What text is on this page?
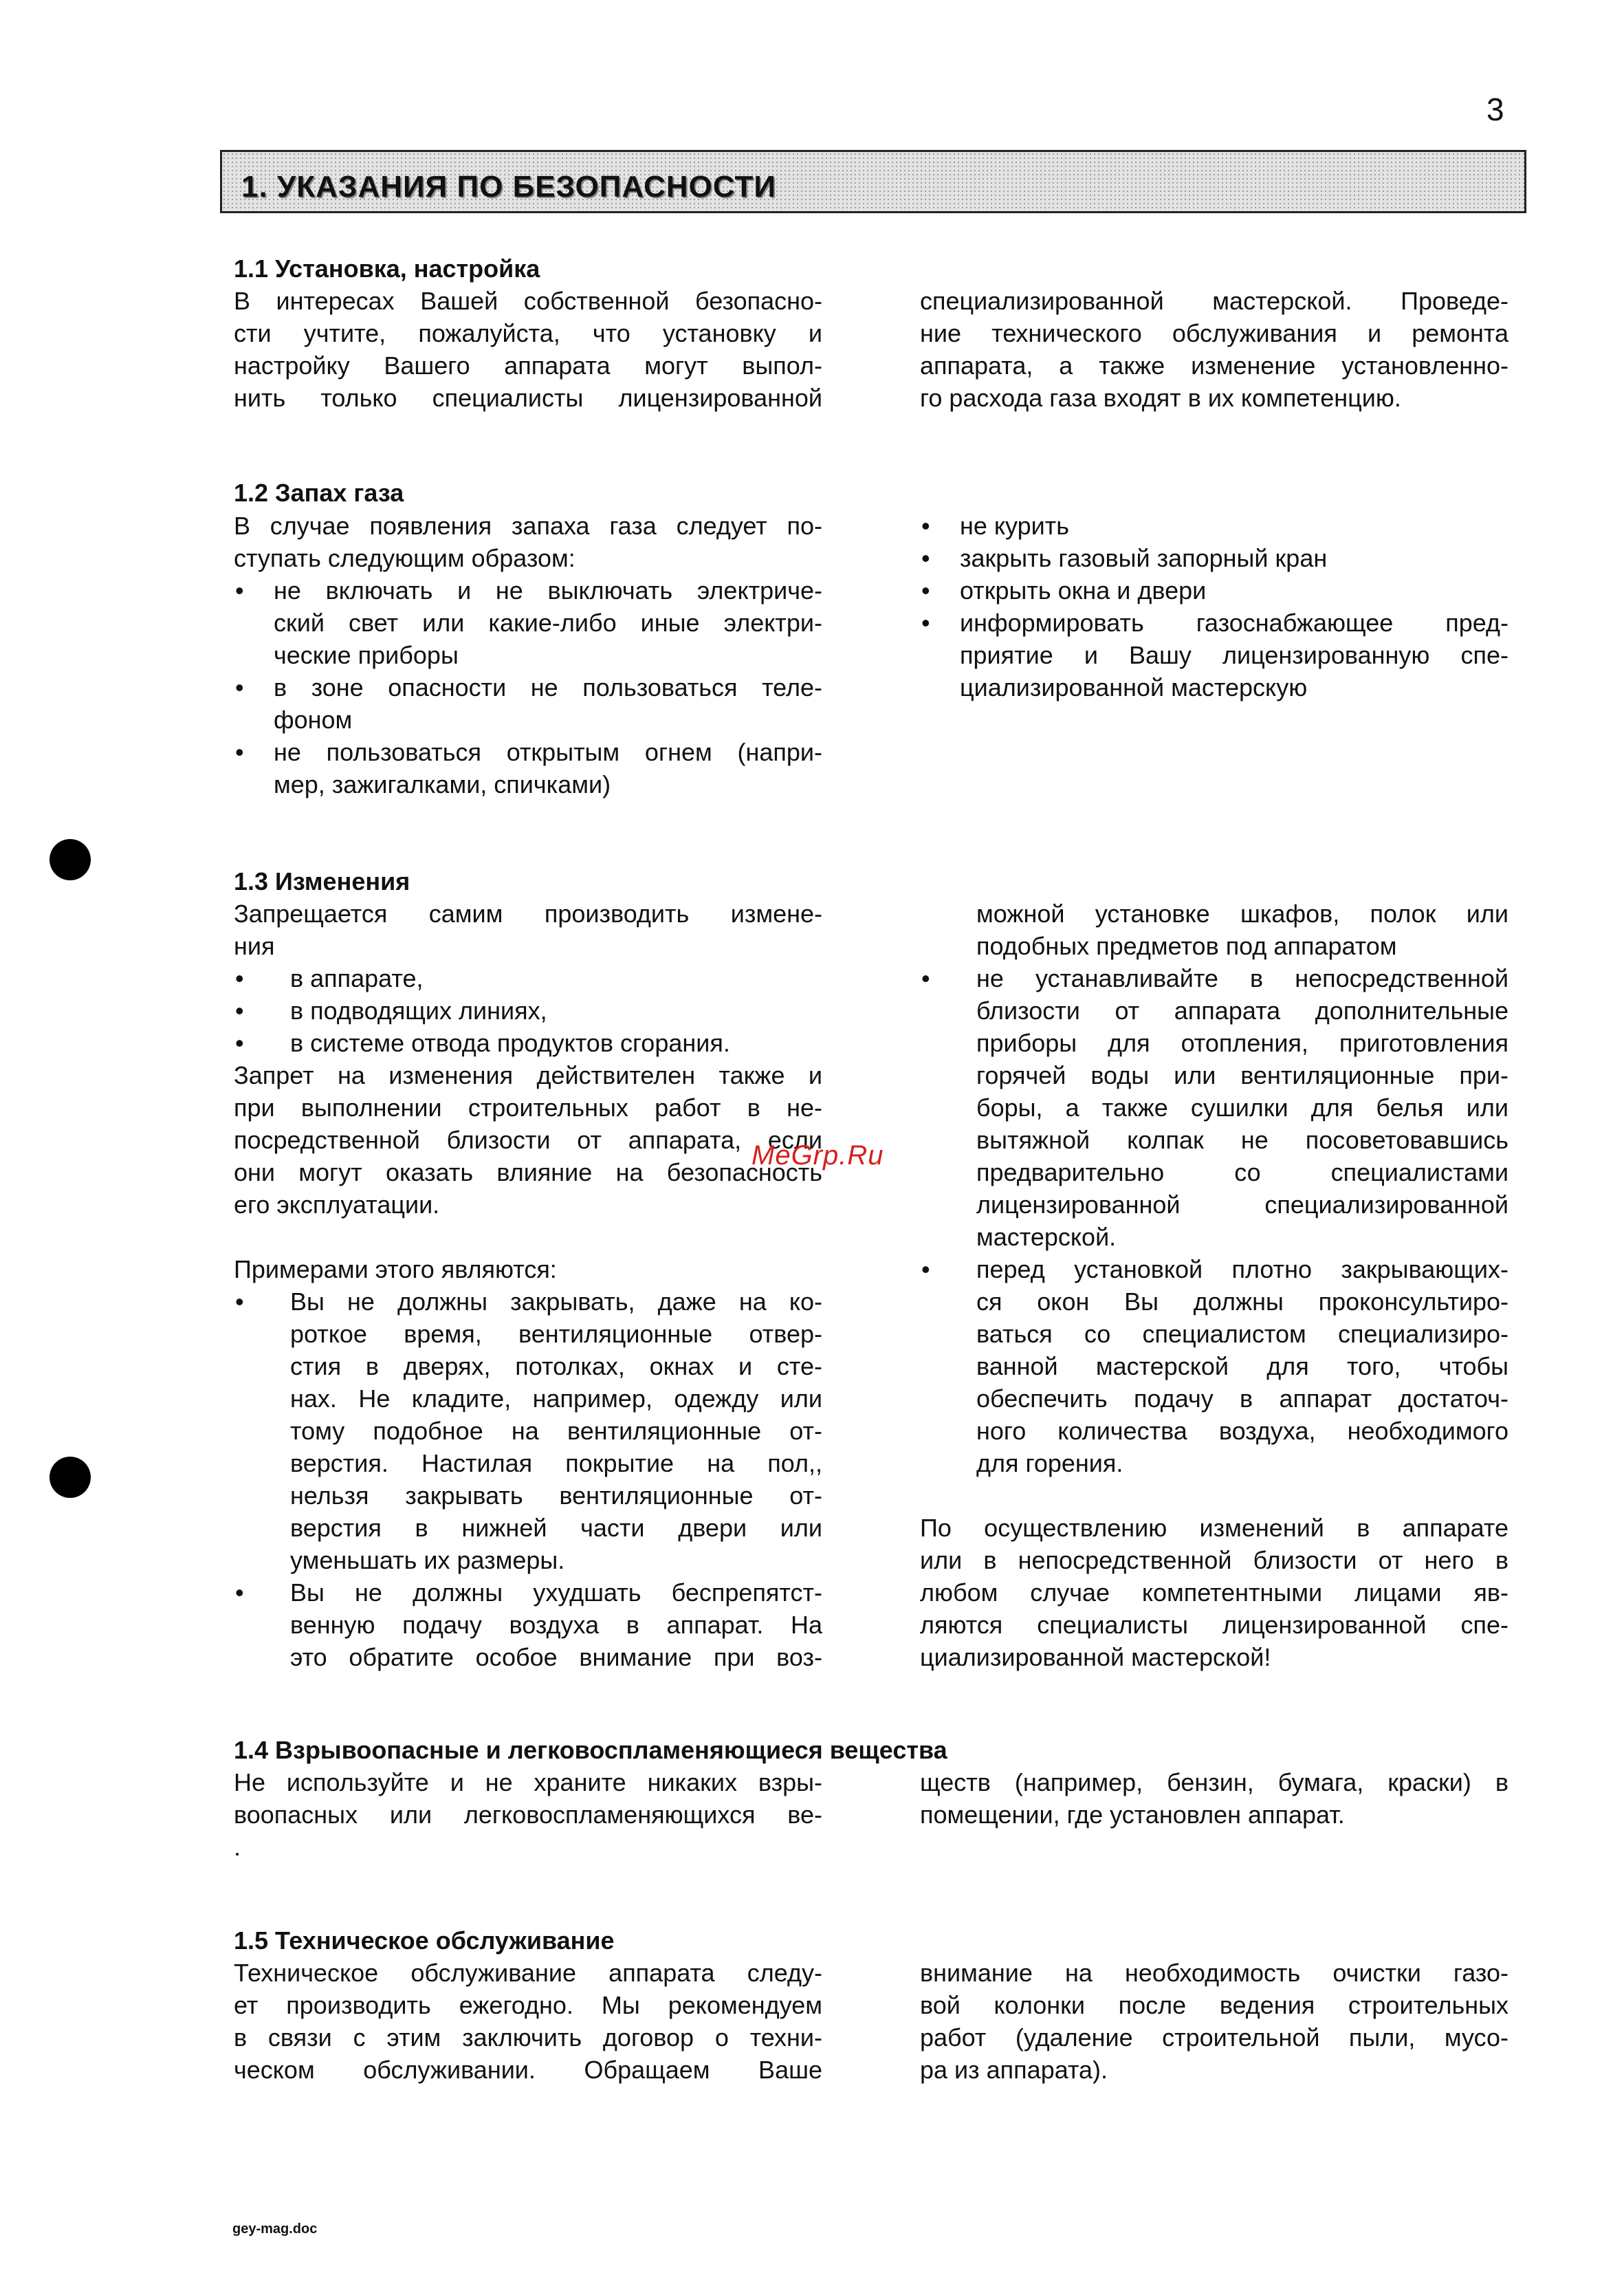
3
1. УКАЗАНИЯ ПО БЕЗОПАСНОСТИ
1.1 Установка, настройка

В интересах Вашей собственной безопасно-

сти учтите, пожалуйста, что установку и

настройку Вашего аппарата могут выпол-

нить только специалисты лицензированной

специализированной мастерской. Проведе-

ние технического обслуживания и ремонта

аппарата, а также изменение установленно-

го расхода газа входят в их компетенцию.

1.2 Запах газа

В случае появления запаха газа следует по-

ступать следующим образом:

• не включать и не выключать электриче-

ский свет или какие-либо иные электри-

ческие приборы

• в зоне опасности не пользоваться теле-

фоном

• не пользоваться открытым огнем (напри-

мер, зажигалками, спичками)

• не курить

• закрыть газовый запорный кран

• открыть окна и двери

• информировать газоснабжающее пред-

приятие и Вашу лицензированную спе-

циализированной мастерскую

1.3 Изменения

Запрещается самим производить измене-

ния

• в аппарате,

• в подводящих линиях,

• в системе отвода продуктов сгорания.

Запрет на изменения действителен также и

при выполнении строительных работ в не-

посредственной близости от аппарата, если

они могут оказать влияние на безопасность

его эксплуатации.

Примерами этого являются:

• Вы не должны закрывать, даже на ко-

роткое время, вентиляционные отвер-

стия в дверях, потолках, окнах и сте-

нах. Не кладите, например, одежду или

тому подобное на вентиляционные от-

верстия. Настилая покрытие на пол,,

нельзя закрывать вентиляционные от-

верстия в нижней части двери или

уменьшать их размеры.

• Вы не должны ухудшать беспрепятст-

венную подачу воздуха в аппарат. На

это обратите особое внимание при воз-

MeGrp.Ru

можной установке шкафов, полок или

подобных предметов под аппаратом

• не устанавливайте в непосредственной

близости от аппарата дополнительные

приборы для отопления, приготовления

горячей воды или вентиляционные при-

боры, а также сушилки для белья или

вытяжной колпак не посоветовавшись

предварительно со специалистами

лицензированной специализированной

мастерской.

• перед установкой плотно закрывающих-

ся окон Вы должны проконсультиро-

ваться со специалистом специализиро-

ванной мастерской для того, чтобы

обеспечить подачу в аппарат достаточ-

ного количества воздуха, необходимого

для горения.

По осуществлению изменений в аппарате

или в непосредственной близости от него в

любом случае компетентными лицами яв-

ляются специалисты лицензированной спе-

циализированной мастерской!

1.4 Взрывоопасные и легковоспламеняющиеся вещества

Не используйте и не храните никаких взры-

воопасных или легковоспламеняющихся ве-

.

ществ (например, бензин, бумага, краски) в

помещении, где установлен аппарат.

1.5 Техническое обслуживание

Техническое обслуживание аппарата следу-

ет производить ежегодно. Мы рекомендуем

в связи с этим заключить договор о техни-

ческом обслуживании. Обращаем Ваше

внимание на необходимость очистки газо-

вой колонки после ведения строительных

работ (удаление строительной пыли, мусо-

ра из аппарата).

gey-mag.doc
